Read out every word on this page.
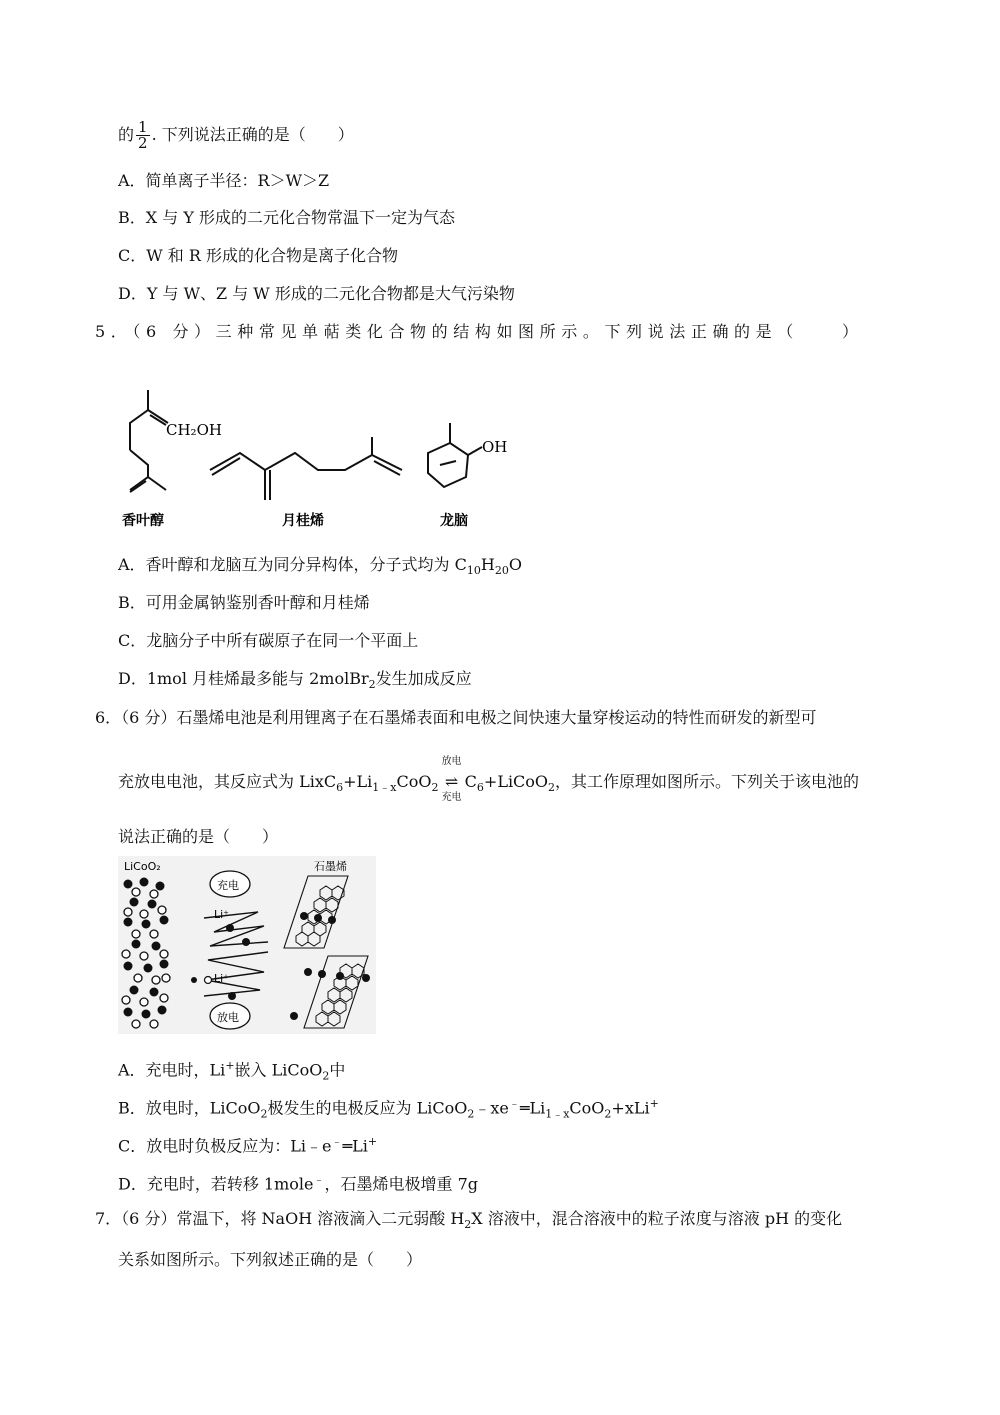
的 $\frac{1}{2}$ . 下列说法正确的是（　　）
A．简单离子半径：R＞W＞Z
B．X 与 Y 形成的二元化合物常温下一定为气态
C．W 和 R 形成的化合物是离子化合物
D．Y 与 W、Z 与 W 形成的二元化合物都是大气污染物
5．（6 分）三种常见单萜类化合物的结构如图所示。下列说法正确的是（　　）
CH₂OH
OH
香叶醇	月桂烯	龙脑
A．香叶醇和龙脑互为同分异构体，分子式均为 $C_{10}H_{20}O$
B．可用金属钠鉴别香叶醇和月桂烯
C．龙脑分子中所有碳原子在同一个平面上
D．1mol 月桂烯最多能与 2molBr$_2$发生加成反应
6．（6 分）石墨烯电池是利用锂离子在石墨烯表面和电极之间快速大量穿梭运动的特性而研发的新型可
充放电电池，其反应式为 $LixC_6+Li_{1﹣x}CoO_2$
放电
⇌
充电
$C_6+LiCoO_2$，其工作原理如图所示。下列关于该电池的
说法正确的是（　　）
LiCoO₂
充电
放电
Li⁺
Li⁺
石墨烯
A．充电时，Li+嵌入 LiCoO$_2$中
B．放电时，LiCoO$_2$极发生的电极反应为 $LiCoO_2﹣xe^﹣═Li_{1﹣x}CoO_2+xLi^+$
C．放电时负极反应为：Li﹣e﹣═Li+
D．充电时，若转移 1mole﹣，石墨烯电极增重 7g
7．（6 分）常温下，将 NaOH 溶液滴入二元弱酸 $H_2X$ 溶液中，混合溶液中的粒子浓度与溶液 pH 的变化
关系如图所示。下列叙述正确的是（　　）
